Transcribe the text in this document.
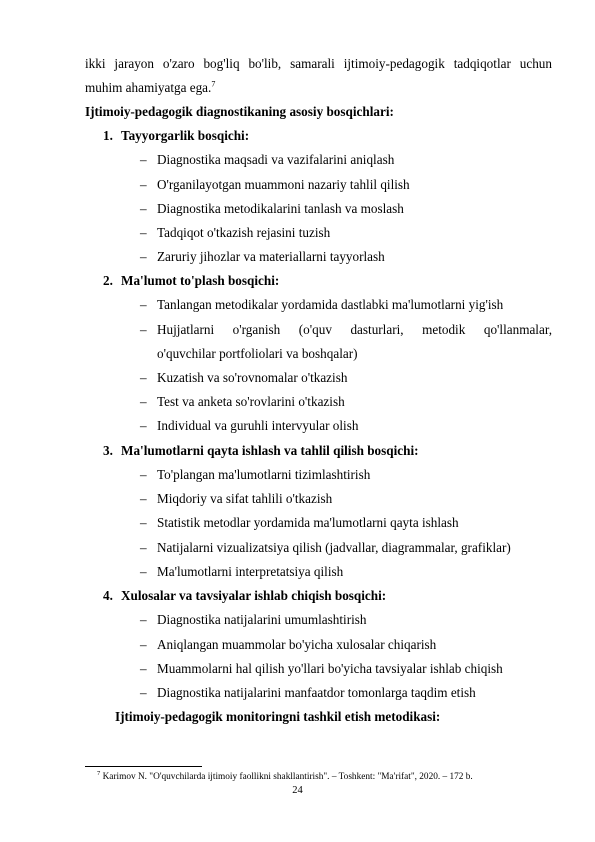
ikki jarayon o'zaro bog'liq bo'lib, samarali ijtimoiy-pedagogik tadqiqotlar uchun
muhim ahamiyatga ega.$^7$
Ijtimoiy-pedagogik diagnostikaning asosiy bosqichlari:
1. Tayyorgarlik bosqichi:
– Diagnostika maqsadi va vazifalarini aniqlash
– O'rganilayotgan muammoni nazariy tahlil qilish
– Diagnostika metodikalarini tanlash va moslash
– Tadqiqot o'tkazish rejasini tuzish
– Zaruriy jihozlar va materiallarni tayyorlash
2. Ma'lumot to'plash bosqichi:
– Tanlangan metodikalar yordamida dastlabki ma'lumotlarni yig'ish
– Hujjatlarni o'rganish (o'quv dasturlari, metodik qo'llanmalar,
o'quvchilar portfoliolari va boshqalar)
– Kuzatish va so'rovnomalar o'tkazish
– Test va anketa so'rovlarini o'tkazish
– Individual va guruhli intervyular olish
3. Ma'lumotlarni qayta ishlash va tahlil qilish bosqichi:
– To'plangan ma'lumotlarni tizimlashtirish
– Miqdoriy va sifat tahlili o'tkazish
– Statistik metodlar yordamida ma'lumotlarni qayta ishlash
– Natijalarni vizualizatsiya qilish (jadvallar, diagrammalar, grafiklar)
– Ma'lumotlarni interpretatsiya qilish
4. Xulosalar va tavsiyalar ishlab chiqish bosqichi:
– Diagnostika natijalarini umumlashtirish
– Aniqlangan muammolar bo'yicha xulosalar chiqarish
– Muammolarni hal qilish yo'llari bo'yicha tavsiyalar ishlab chiqish
– Diagnostika natijalarini manfaatdor tomonlarga taqdim etish
Ijtimoiy-pedagogik monitoringni tashkil etish metodikasi:
$^7$ Karimov N. "O'quvchilarda ijtimoiy faollikni shakllantirish". – Toshkent: "Ma'rifat", 2020. – 172 b.
24
